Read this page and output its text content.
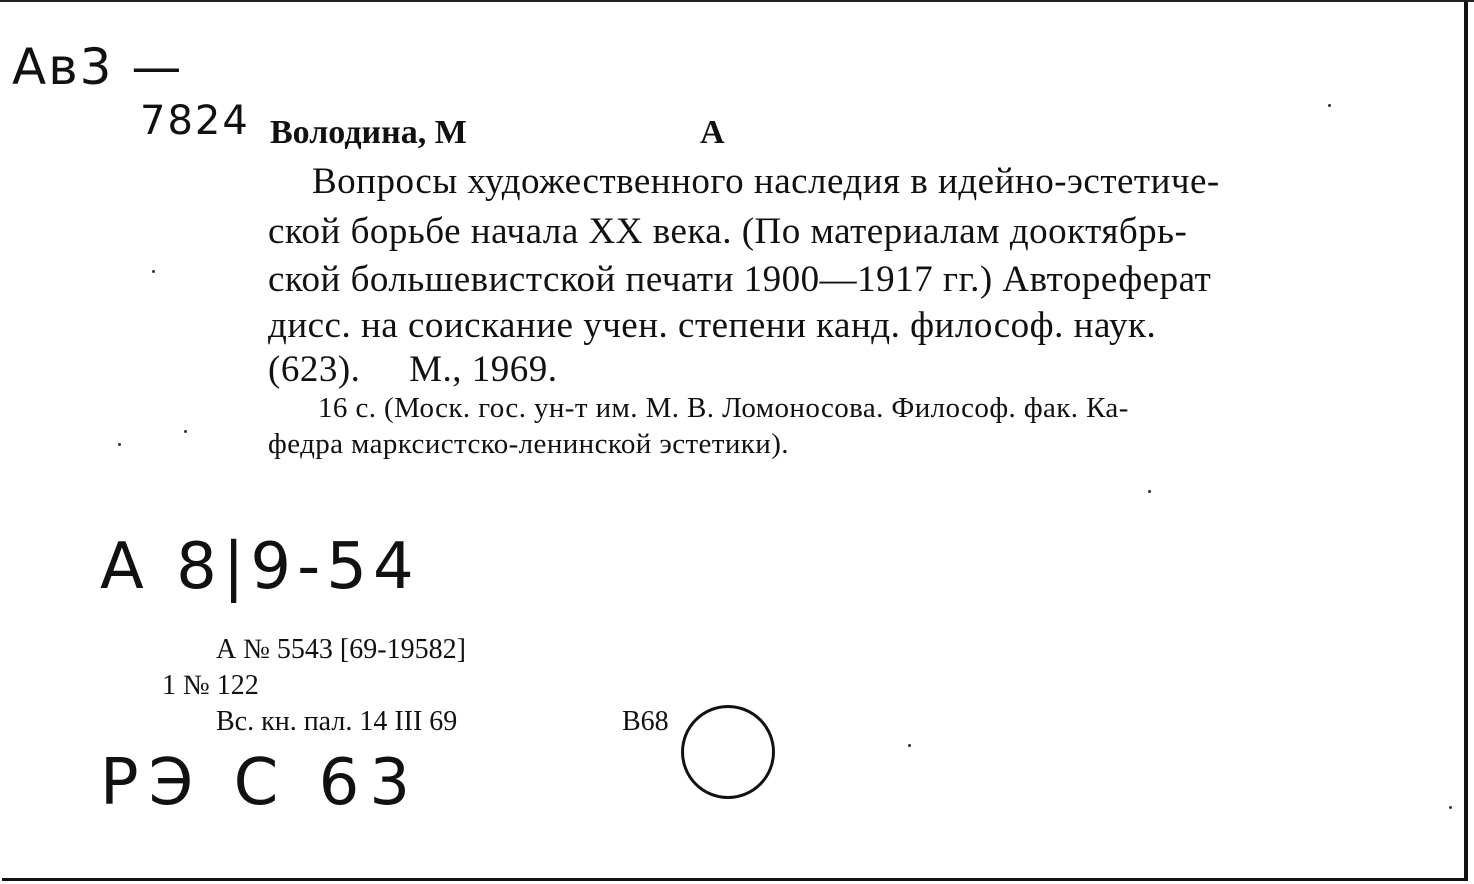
Ав3 —
7824 Володина, М	А
Вопросы художественного наследия в идейно-эстетиче-
ской борьбе начала XX века. (По материалам дооктябрь-
ской большевистской печати 1900—1917 гг.) Автореферат
дисс. на соискание учен. степени канд. философ. наук.
(623).     М., 1969.
16 с. (Моск. гос. ун-т им. М. В. Ломоносова. Философ. фак. Ка-
федра марксистско-ленинской эстетики).
А 8|9-54
А № 5543 [69-19582]
1 № 122
Вс. кн. пал. 14 III 69	В68
РЭ С 63
